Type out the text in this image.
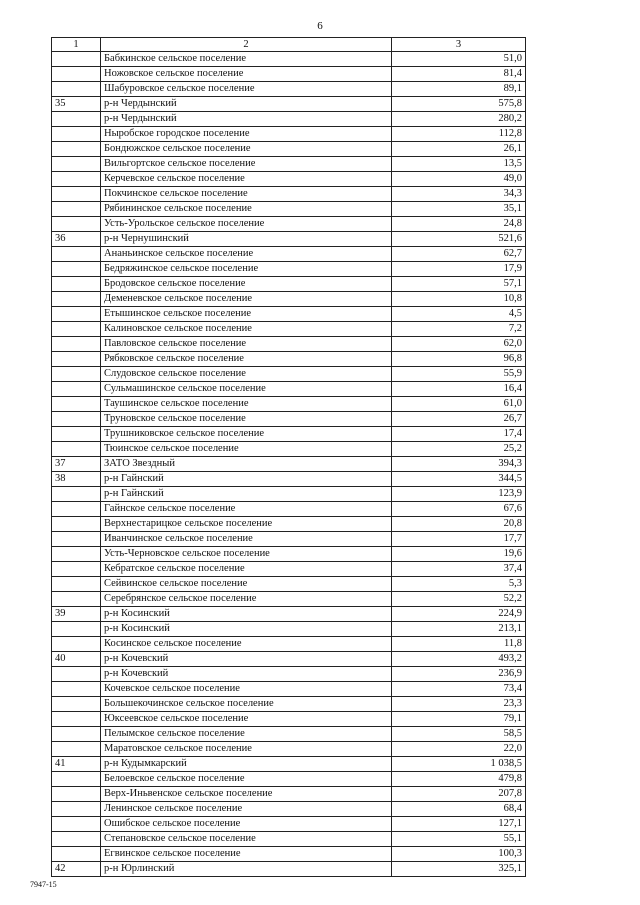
6
1	2	3
	Бабкинское сельское поселение	51,0
	Ножовское сельское поселение	81,4
	Шабуровское сельское поселение	89,1
35	р-н Чердынский	575,8
	р-н Чердынский	280,2
	Ныробское городское поселение	112,8
	Бондюжское сельское поселение	26,1
	Вильгортское сельское поселение	13,5
	Керчевское сельское поселение	49,0
	Покчинское сельское поселение	34,3
	Рябининское сельское поселение	35,1
	Усть-Урольское сельское поселение	24,8
36	р-н Чернушинский	521,6
	Ананьинское сельское поселение	62,7
	Бедряжинское сельское поселение	17,9
	Бродовское сельское поселение	57,1
	Деменевское сельское поселение	10,8
	Етышинское сельское поселение	4,5
	Калиновское сельское поселение	7,2
	Павловское сельское поселение	62,0
	Рябковское сельское поселение	96,8
	Слудовское сельское поселение	55,9
	Сульмашинское сельское поселение	16,4
	Таушинское сельское поселение	61,0
	Труновское сельское поселение	26,7
	Трушниковское сельское поселение	17,4
	Тюинское сельское поселение	25,2
37	ЗАТО Звездный	394,3
38	р-н Гайнский	344,5
	р-н Гайнский	123,9
	Гайнское сельское поселение	67,6
	Верхнестарицкое сельское поселение	20,8
	Иванчинское сельское поселение	17,7
	Усть-Черновское сельское поселение	19,6
	Кебратское сельское поселение	37,4
	Сейвинское сельское поселение	5,3
	Серебрянское сельское поселение	52,2
39	р-н Косинский	224,9
	р-н Косинский	213,1
	Косинское сельское поселение	11,8
40	р-н Кочевский	493,2
	р-н Кочевский	236,9
	Кочевское сельское поселение	73,4
	Большекочинское сельское поселение	23,3
	Юксеевское сельское поселение	79,1
	Пелымское сельское поселение	58,5
	Маратовское сельское поселение	22,0
41	р-н Кудымкарский	1 038,5
	Белоевское сельское поселение	479,8
	Верх-Иньвенское сельское поселение	207,8
	Ленинское сельское поселение	68,4
	Ошибское сельское поселение	127,1
	Степановское сельское поселение	55,1
	Егвинское сельское поселение	100,3
42	р-н Юрлинский	325,1
7947-15
